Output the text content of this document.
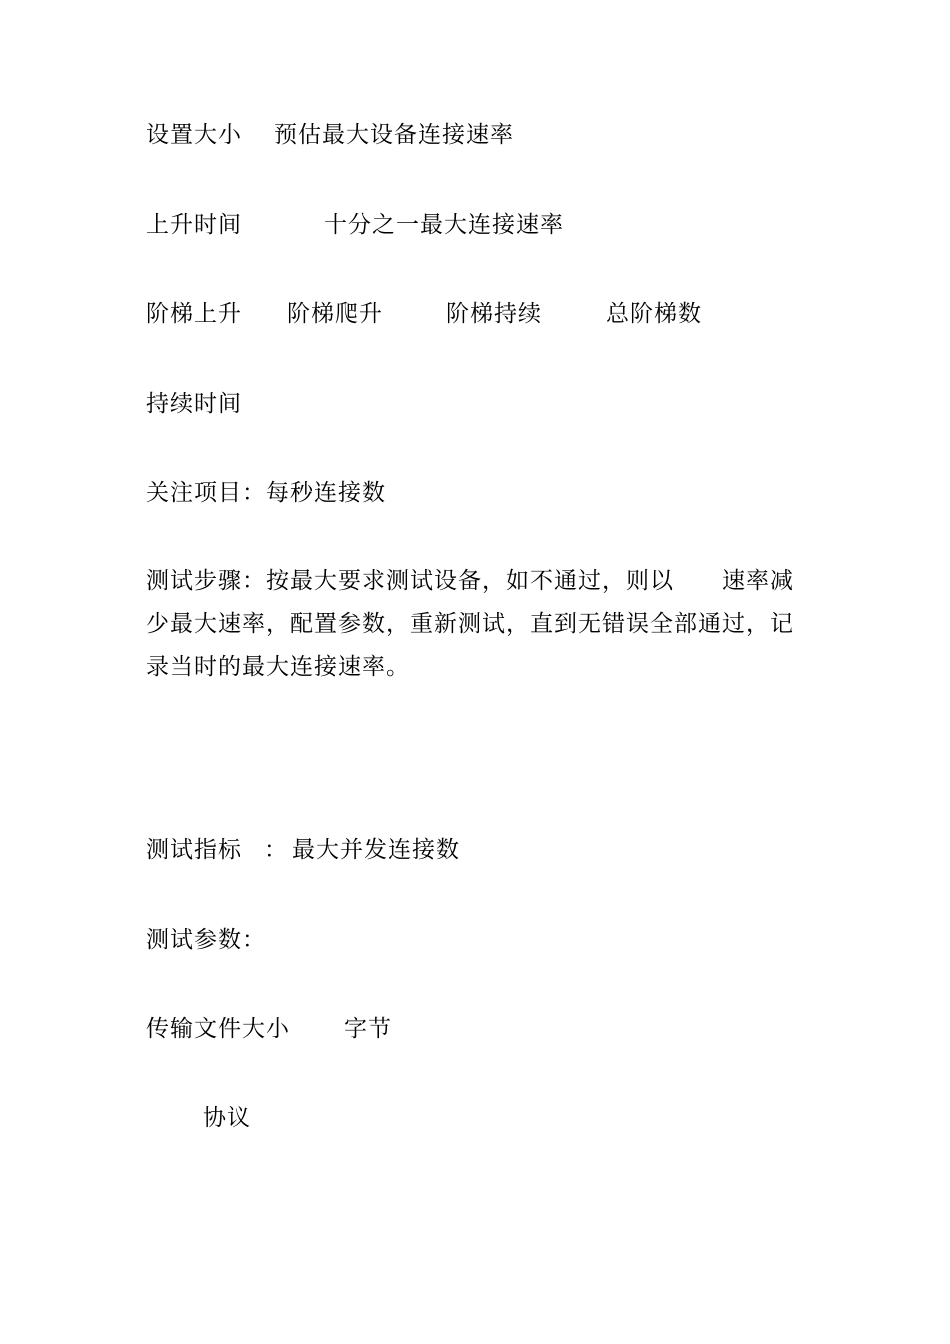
设置大小 预估最大设备连接速率
上升时间	十分之一最大连接速率
阶梯上升 阶梯爬升	阶梯持续	总阶梯数
持续时间
关注项目：每秒连接数
测试步骤：按最大要求测试设备，如不通过，则以　　速率减少最大速率，配置参数，重新测试，直到无错误全部通过，记录当时的最大连接速率。
测试指标 ： 最大并发连接数
测试参数：
传输文件大小 字节
协议
